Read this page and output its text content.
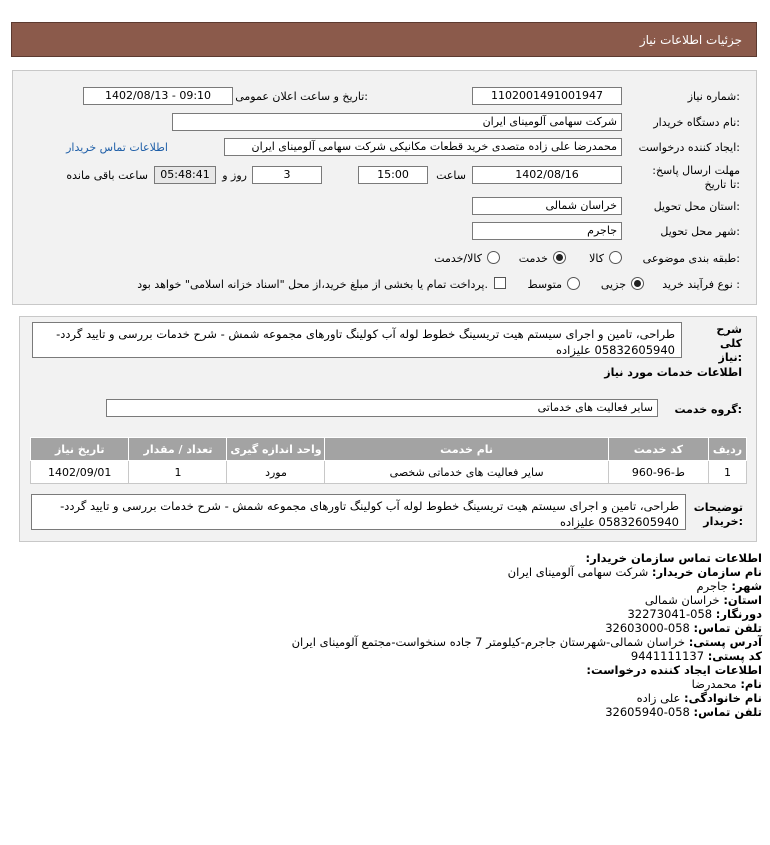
جزئیات اطلاعات نیاز
شماره نیاز:
1102001491001947
تاریخ و ساعت اعلان عمومی:
1402/08/13 - 09:10
نام دستگاه خریدار:
شرکت سهامی آلومینای ایران
ایجاد کننده درخواست:
محمدرضا علی زاده متصدی خرید قطعات مکانیکی شرکت سهامی آلومینای ایران
اطلاعات تماس خریدار
مهلت ارسال پاسخ: تا تاریخ:
1402/08/16
ساعت
15:00
3
روز و
05:48:41
ساعت باقی مانده
استان محل تحویل:
خراسان شمالی
شهر محل تحویل:
جاجرم
طبقه بندی موضوعی:
کالا
خدمت
کالا/خدمت
نوع فرآیند خرید :
جزیی
متوسط
پرداخت تمام یا بخشی از مبلغ خرید،از محل "اسناد خزانه اسلامی" خواهد بود.
شرح کلی نیاز:
طراحی، تامین و اجرای سیستم هیت تریسینگ خطوط لوله آب کولینگ تاورهای مجموعه شمش - شرح خدمات بررسی و تایید گردد- 05832605940 علیزاده
اطلاعات خدمات مورد نیاز
گروه خدمت:
سایر فعالیت های خدماتی
تاریخ نیاز	تعداد / مقدار	واحد اندازه گیری	نام خدمت	کد خدمت	ردیف
1402/09/01	1	مورد	سایر فعالیت های خدماتی شخصی	ط-96-960	1
توضیحات خریدار:
طراحی، تامین و اجرای سیستم هیت تریسینگ خطوط لوله آب کولینگ تاورهای مجموعه شمش - شرح خدمات بررسی و تایید گردد- 05832605940 علیزاده
اطلاعات تماس سازمان خریدار:
نام سازمان خریدار: شرکت سهامی آلومینای ایران
شهر: جاجرم
استان: خراسان شمالی
دورنگار: 058-32273041
تلفن تماس: 058-32603000
آدرس پستی: خراسان شمالی-شهرستان جاجرم-کیلومتر 7 جاده سنخواست-مجتمع آلومینای ایران
کد پستی: 9441111137
اطلاعات ایجاد کننده درخواست:
نام: محمدرضا
نام خانوادگی: علی زاده
تلفن تماس: 058-32605940
